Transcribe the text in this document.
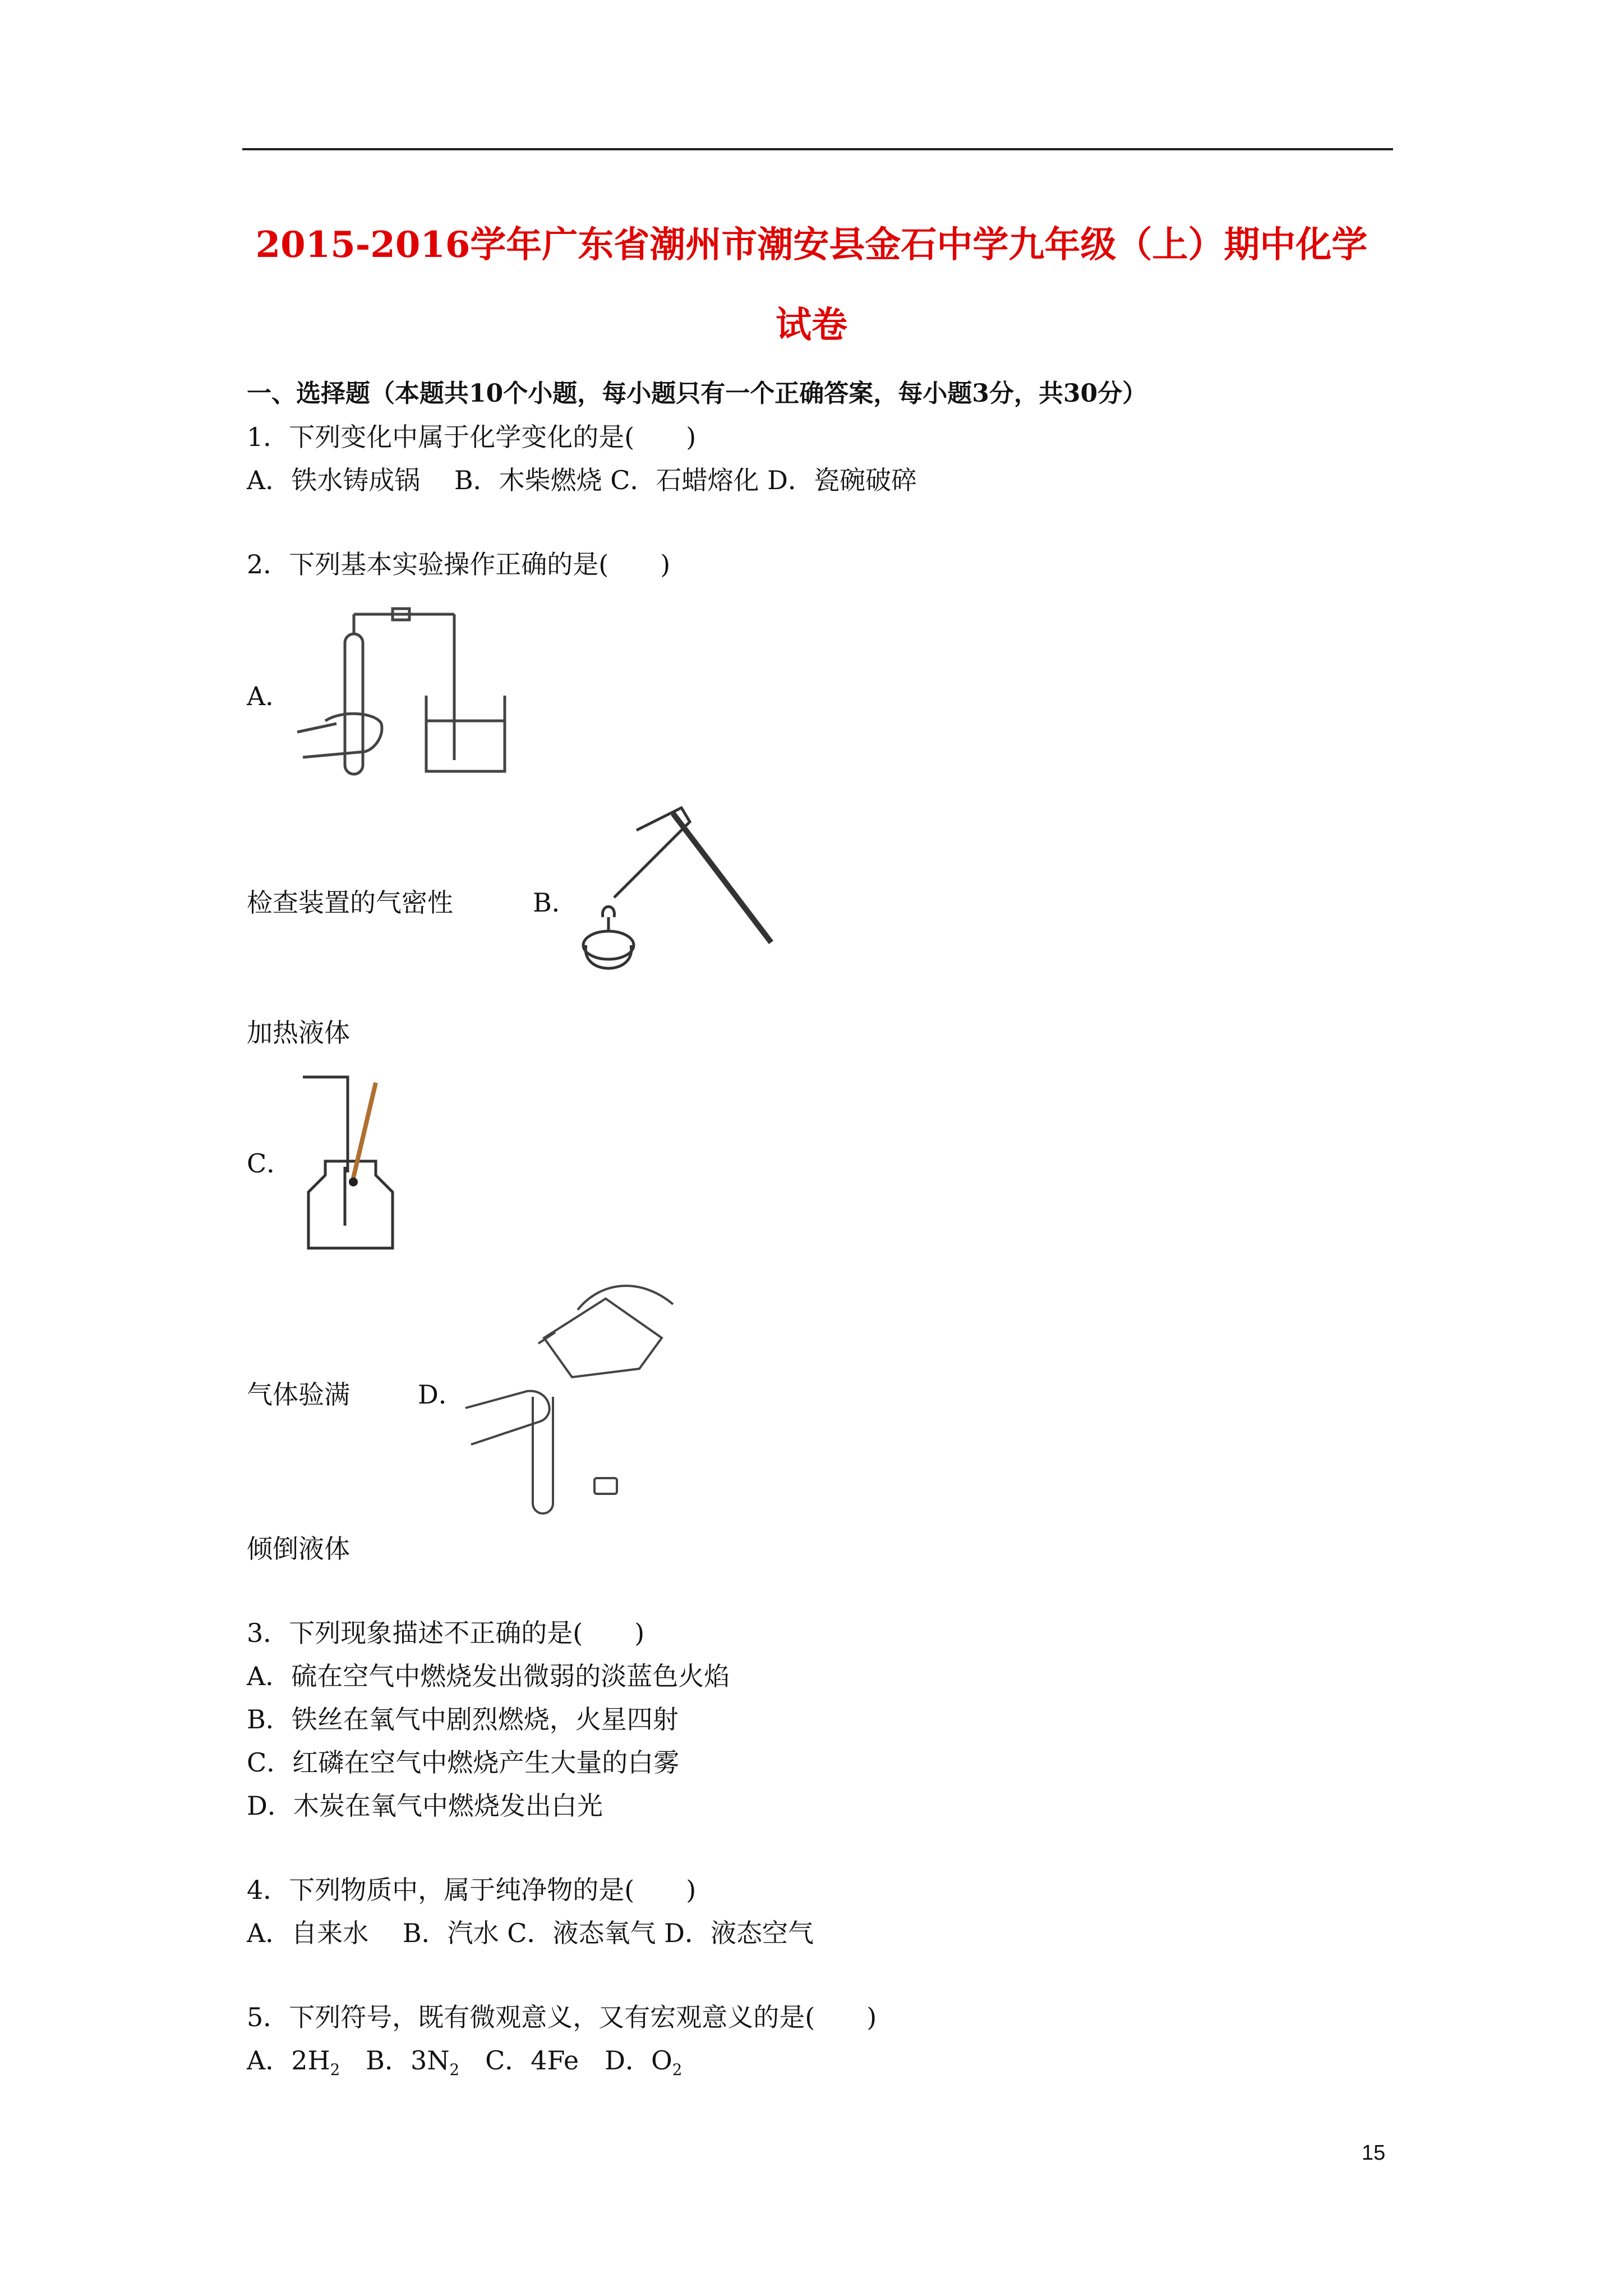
2015-2016学年广东省潮州市潮安县金石中学九年级（上）期中化学
试卷
一、选择题（本题共10个小题，每小题只有一个正确答案，每小题3分，共30分）
1．下列变化中属于化学变化的是(　　)
A．铁水铸成锅　 B．木柴燃烧 C．石蜡熔化 D．瓷碗破碎
2．下列基本实验操作正确的是(　　)
A．
检查装置的气密性	B．
加热液体
C．
气体验满	D．
倾倒液体
3．下列现象描述不正确的是(　　)
A．硫在空气中燃烧发出微弱的淡蓝色火焰
B．铁丝在氧气中剧烈燃烧，火星四射
C．红磷在空气中燃烧产生大量的白雾
D．木炭在氧气中燃烧发出白光
4．下列物质中，属于纯净物的是(　　)
A．自来水　 B．汽水 C．液态氧气 D．液态空气
5．下列符号，既有微观意义，又有宏观意义的是(　　)
A．$2H_2$　B．$3N_2$　C．4Fe　D．$O_2$
15
